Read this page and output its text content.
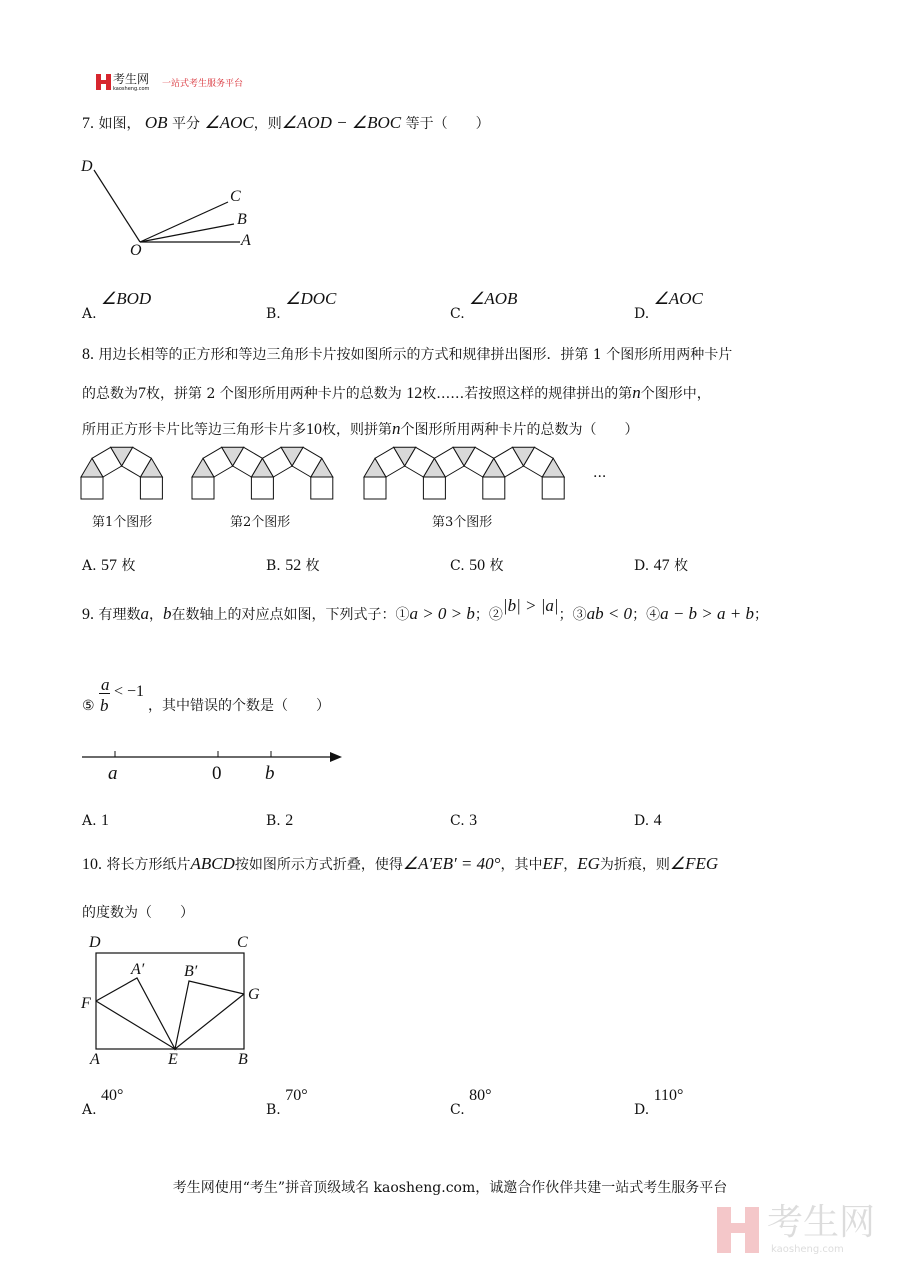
考生网
kaosheng.com 一站式考生服务平台
7. 如图， OB 平分 ∠AOC，则∠AOD − ∠BOC 等于（　　）
D
C
B
A
O
A. ∠BOD
B. ∠DOC
C. ∠AOB
D. ∠AOC
8. 用边长相等的正方形和等边三角形卡片按如图所示的方式和规律拼出图形．拼第 1 个图形所用两种卡片
的总数为7枚，拼第 2 个图形所用两种卡片的总数为 12枚……若按照这样的规律拼出的第n个图形中，
所用正方形卡片比等边三角形卡片多10枚，则拼第n个图形所用两种卡片的总数为（　　）
...
第1个图形	第2个图形	第3个图形
A. 57 枚	B. 52 枚	C. 50 枚	D. 47 枚
9. 有理数a，b在数轴上的对应点如图，下列式子：①a > 0 > b；②|b| > |a|；③ab < 0；④a − b > a + b；
⑤
a
b
< −1
，其中错误的个数是（　　）
a	0 b
A. 1	B. 2	C. 3	D. 4
10. 将长方形纸片ABCD按如图所示方式折叠，使得∠A′EB′ = 40°，其中EF，EG为折痕，则∠FEG
的度数为（　　）
D	C
A′ B′
F
G
A	E	B
A. 40°
B. 70°
C. 80°
D. 110°
考生网使用“考生”拼音顶级域名 kaosheng.com，诚邀合作伙伴共建一站式考生服务平台
考生网
kaosheng.com
